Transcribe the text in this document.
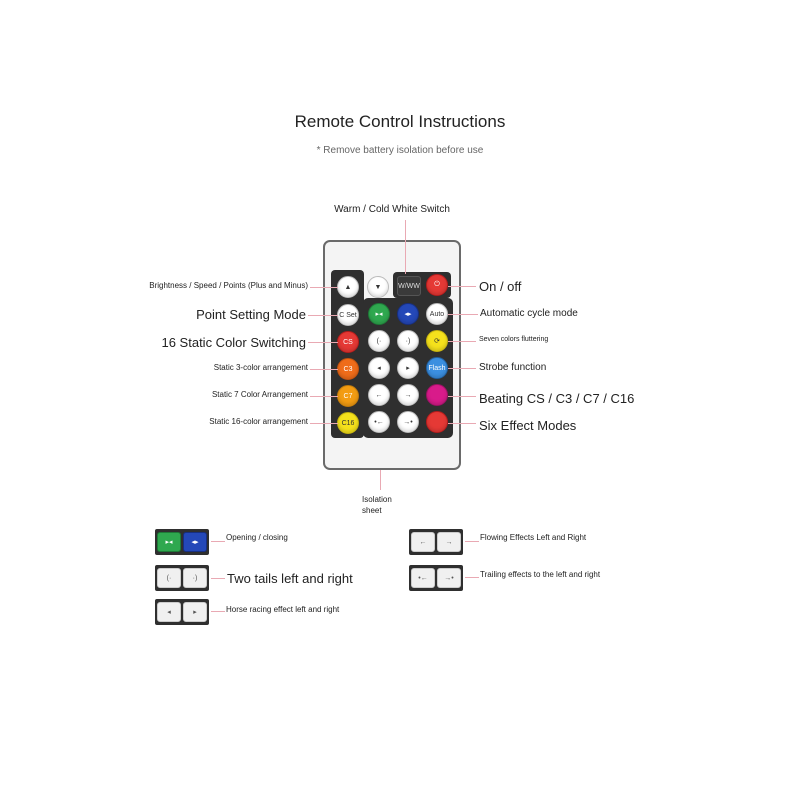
Remote Control Instructions
* Remove battery isolation before use
▲	▼
C Set
CS
C3
C7
C16
W/WW ⏻
▸◂	◂▸	Auto
(·	·)	⟳
◂	▸	Flash
←	→
•←	→•
Warm / Cold White Switch
Brightness / Speed / Points (Plus and Minus)
Point Setting Mode
16 Static Color Switching
Static 3-color arrangement
Static 7 Color Arrangement
Static 16-color arrangement
On / off
Automatic cycle mode
Seven colors fluttering
Strobe function
Beating CS / C3 / C7 / C16
Six Effect Modes
Isolation
sheet
▸◂	◂▸
Opening / closing
(·	·) Two tails left and right
◂	▸	Horse racing effect left and right
←	→	Flowing Effects Left and Right
•← →•	Trailing effects to the left and right
